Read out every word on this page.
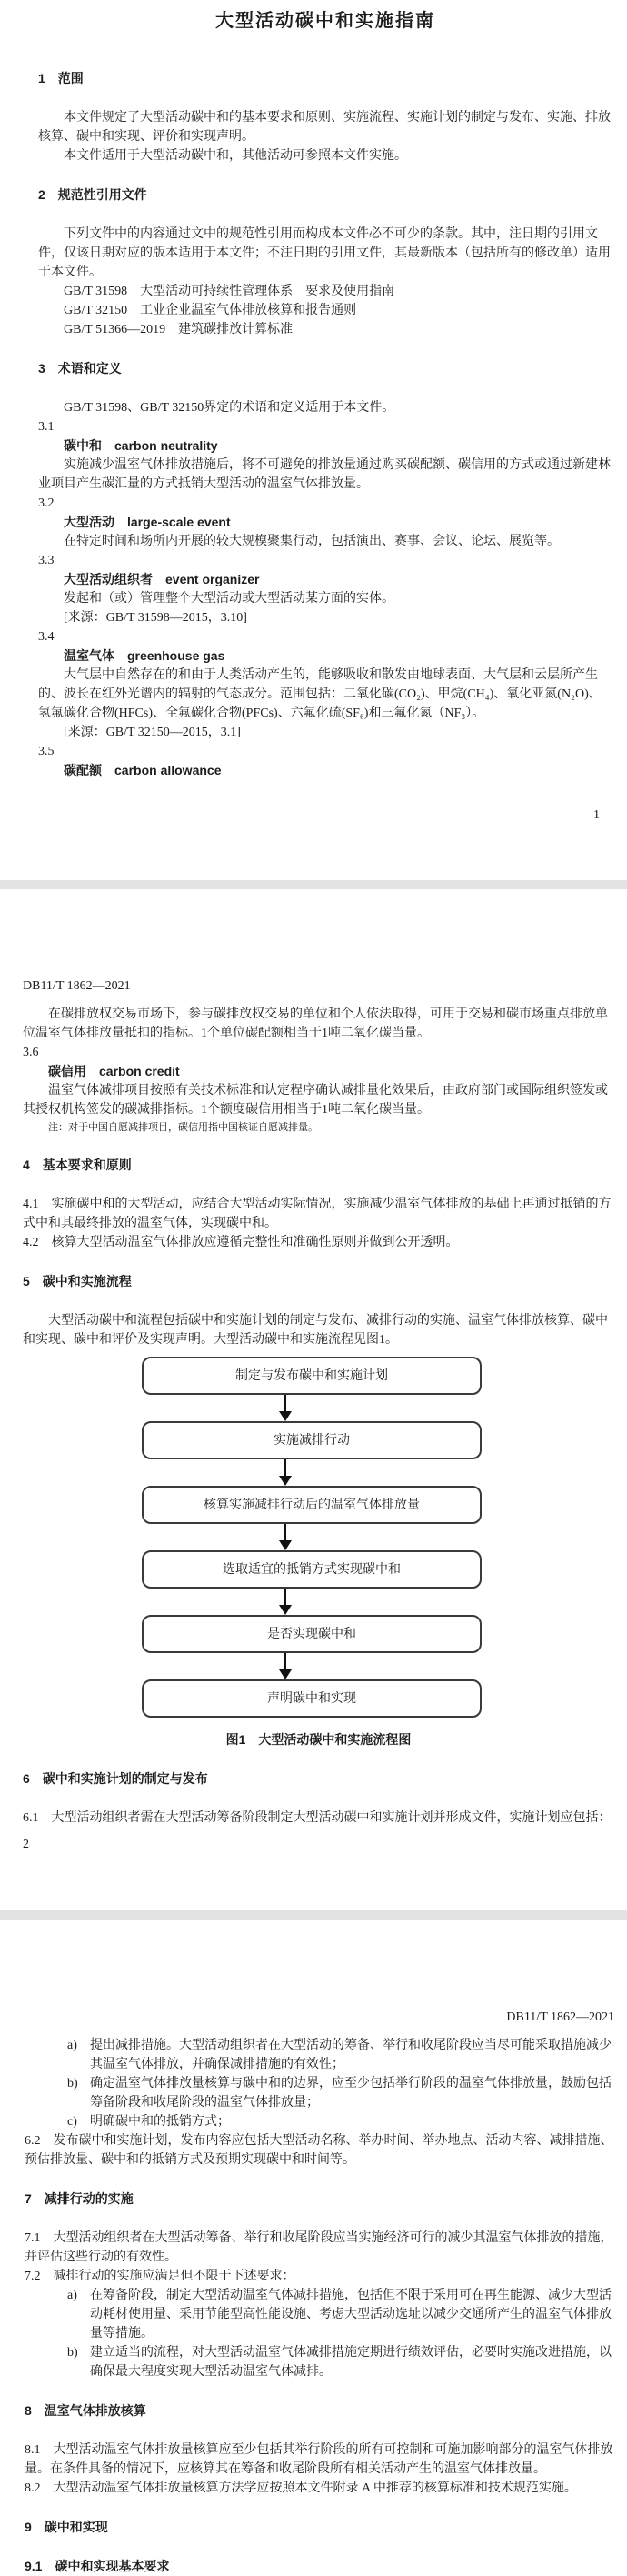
大型活动碳中和实施指南
1　范围

本文件规定了大型活动碳中和的基本要求和原则、实施流程、实施计划的制定与发布、实施、排放核算、碳中和实现、评价和实现声明。

本文件适用于大型活动碳中和，其他活动可参照本文件实施。

2　规范性引用文件

下列文件中的内容通过文中的规范性引用而构成本文件必不可少的条款。其中，注日期的引用文件，仅该日期对应的版本适用于本文件；不注日期的引用文件，其最新版本（包括所有的修改单）适用于本文件。

GB/T 31598　大型活动可持续性管理体系　要求及使用指南

GB/T 32150　工业企业温室气体排放核算和报告通则

GB/T 51366—2019　建筑碳排放计算标准

3　术语和定义

GB/T 31598、GB/T 32150界定的术语和定义适用于本文件。

3.1

碳中和　carbon neutrality

实施减少温室气体排放措施后，将不可避免的排放量通过购买碳配额、碳信用的方式或通过新建林业项目产生碳汇量的方式抵销大型活动的温室气体排放量。

3.2

大型活动　large-scale event

在特定时间和场所内开展的较大规模聚集行动，包括演出、赛事、会议、论坛、展览等。

3.3

大型活动组织者　event organizer

发起和（或）管理整个大型活动或大型活动某方面的实体。

[来源：GB/T 31598—2015，3.10]

3.4

温室气体　greenhouse gas

大气层中自然存在的和由于人类活动产生的，能够吸收和散发由地球表面、大气层和云层所产生的、波长在红外光谱内的辐射的气态成分。范围包括：二氧化碳(CO₂)、甲烷(CH₄)、氧化亚氮(N₂O)、氢氟碳化合物(HFCs)、全氟碳化合物(PFCs)、六氟化硫(SF₆)和三氟化氮（NF₃）。

[来源：GB/T 32150—2015，3.1]

3.5

碳配额　carbon allowance

1
DB11/T 1862—2021

在碳排放权交易市场下，参与碳排放权交易的单位和个人依法取得，可用于交易和碳市场重点排放单位温室气体排放量抵扣的指标。1个单位碳配额相当于1吨二氧化碳当量。

3.6

碳信用　carbon credit

温室气体减排项目按照有关技术标准和认定程序确认减排量化效果后，由政府部门或国际组织签发或其授权机构签发的碳减排指标。1个额度碳信用相当于1吨二氧化碳当量。

注：对于中国自愿减排项目，碳信用指中国核证自愿减排量。

4　基本要求和原则

4.1　实施碳中和的大型活动，应结合大型活动实际情况，实施减少温室气体排放的基础上再通过抵销的方式中和其最终排放的温室气体，实现碳中和。

4.2　核算大型活动温室气体排放应遵循完整性和准确性原则并做到公开透明。

5　碳中和实施流程

大型活动碳中和流程包括碳中和实施计划的制定与发布、减排行动的实施、温室气体排放核算、碳中和实现、碳中和评价及实现声明。大型活动碳中和实施流程见图1。

制定与发布碳中和实施计划
实施减排行动
核算实施减排行动后的温室气体排放量
选取适宜的抵销方式实现碳中和
是否实现碳中和
声明碳中和实现
图1　大型活动碳中和实施流程图
6　碳中和实施计划的制定与发布

6.1　大型活动组织者需在大型活动筹备阶段制定大型活动碳中和实施计划并形成文件，实施计划应包括：

2
DB11/T 1862—2021
a)	提出减排措施。大型活动组织者在大型活动的筹备、举行和收尾阶段应当尽可能采取措施减少其温室气体排放，并确保减排措施的有效性；
b) 确定温室气体排放量核算与碳中和的边界，应至少包括举行阶段的温室气体排放量，鼓励包括筹备阶段和收尾阶段的温室气体排放量；
c)	明确碳中和的抵销方式；

6.2　发布碳中和实施计划，发布内容应包括大型活动名称、举办时间、举办地点、活动内容、减排措施、预估排放量、碳中和的抵销方式及预期实现碳中和时间等。

7　减排行动的实施

7.1　大型活动组织者在大型活动筹备、举行和收尾阶段应当实施经济可行的减少其温室气体排放的措施，并评估这些行动的有效性。

7.2　减排行动的实施应满足但不限于下述要求：

a)	在筹备阶段，制定大型活动温室气体减排措施，包括但不限于采用可在再生能源、减少大型活动耗材使用量、采用节能型高性能设施、考虑大型活动选址以减少交通所产生的温室气体排放量等措施。
b) 建立适当的流程，对大型活动温室气体减排措施定期进行绩效评估，必要时实施改进措施，以确保最大程度实现大型活动温室气体减排。
8　温室气体排放核算

8.1　大型活动温室气体排放量核算应至少包括其举行阶段的所有可控制和可施加影响部分的温室气体排放量。在条件具备的情况下，应核算其在筹备和收尾阶段所有相关活动产生的温室气体排放量。

8.2　大型活动温室气体排放量核算方法学应按照本文件附录 A 中推荐的核算标准和技术规范实施。

9　碳中和实现
9.1　碳中和实现基本要求
